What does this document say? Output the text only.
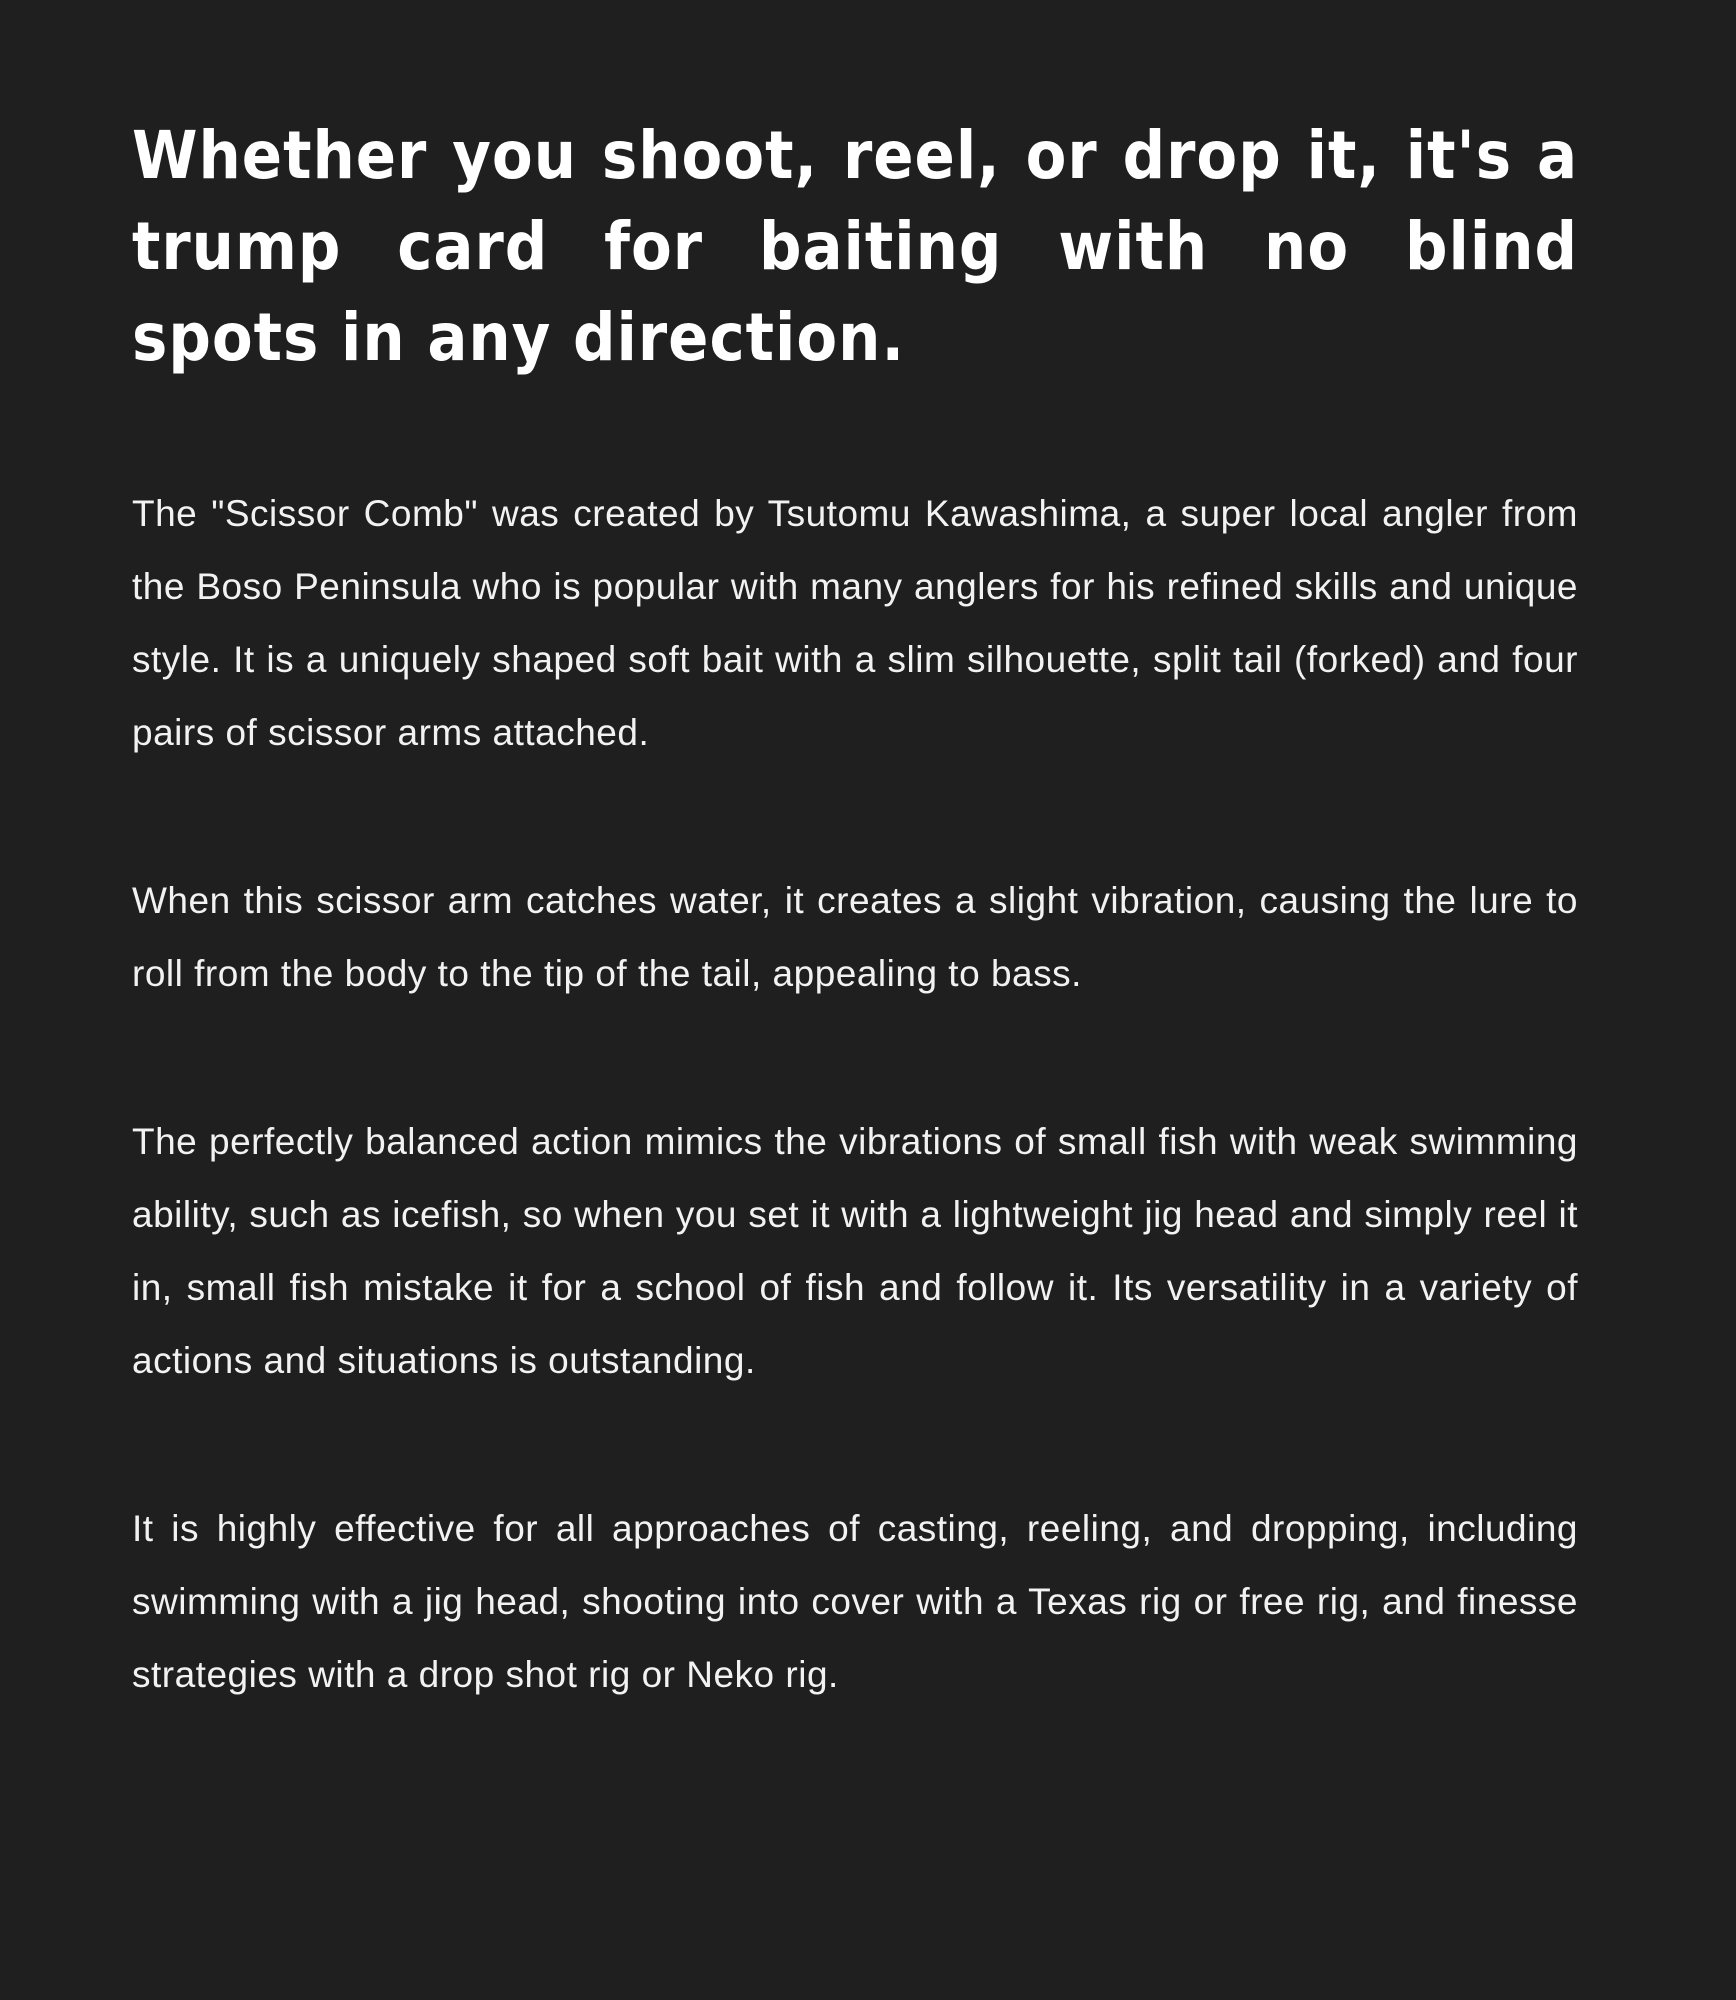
Whether you shoot, reel, or drop it, it's a trump card for baiting with no blind spots in any direction.

The "Scissor Comb" was created by Tsutomu Kawashima, a super local angler from the Boso Peninsula who is popular with many anglers for his refined skills and unique style. It is a uniquely shaped soft bait with a slim silhouette, split tail (forked) and four pairs of scissor arms attached.

When this scissor arm catches water, it creates a slight vibration, causing the lure to roll from the body to the tip of the tail, appealing to bass.

The perfectly balanced action mimics the vibrations of small fish with weak swimming ability, such as icefish, so when you set it with a lightweight jig head and simply reel it in, small fish mistake it for a school of fish and follow it. Its versatility in a variety of actions and situations is outstanding.

It is highly effective for all approaches of casting, reeling, and dropping, including swimming with a jig head, shooting into cover with a Texas rig or free rig, and finesse strategies with a drop shot rig or Neko rig.
